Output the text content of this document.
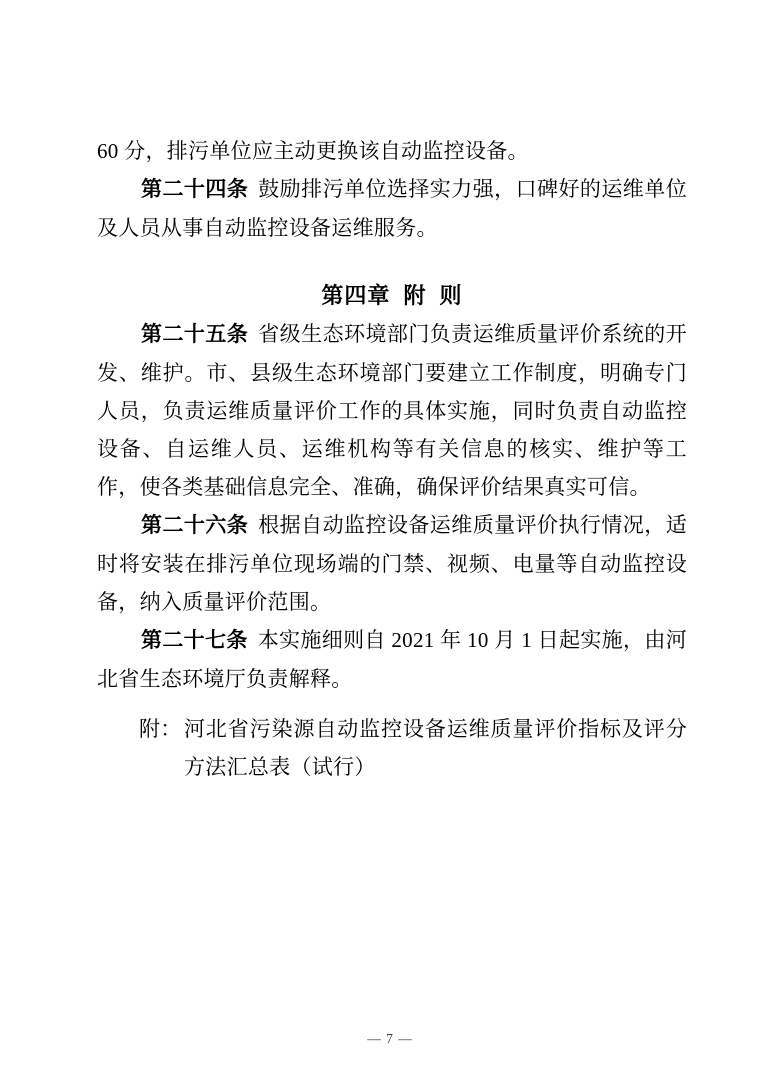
60 分，排污单位应主动更换该自动监控设备。

第二十四条 鼓励排污单位选择实力强，口碑好的运维单位及人员从事自动监控设备运维服务。

第四章 附 则

第二十五条 省级生态环境部门负责运维质量评价系统的开发、维护。市、县级生态环境部门要建立工作制度，明确专门人员，负责运维质量评价工作的具体实施，同时负责自动监控设备、自运维人员、运维机构等有关信息的核实、维护等工作，使各类基础信息完全、准确，确保评价结果真实可信。

第二十六条 根据自动监控设备运维质量评价执行情况，适时将安装在排污单位现场端的门禁、视频、电量等自动监控设备，纳入质量评价范围。

第二十七条 本实施细则自 2021 年 10 月 1 日起实施，由河北省生态环境厅负责解释。

附： 河北省污染源自动监控设备运维质量评价指标及评分方法汇总表（试行）
— 7 —
